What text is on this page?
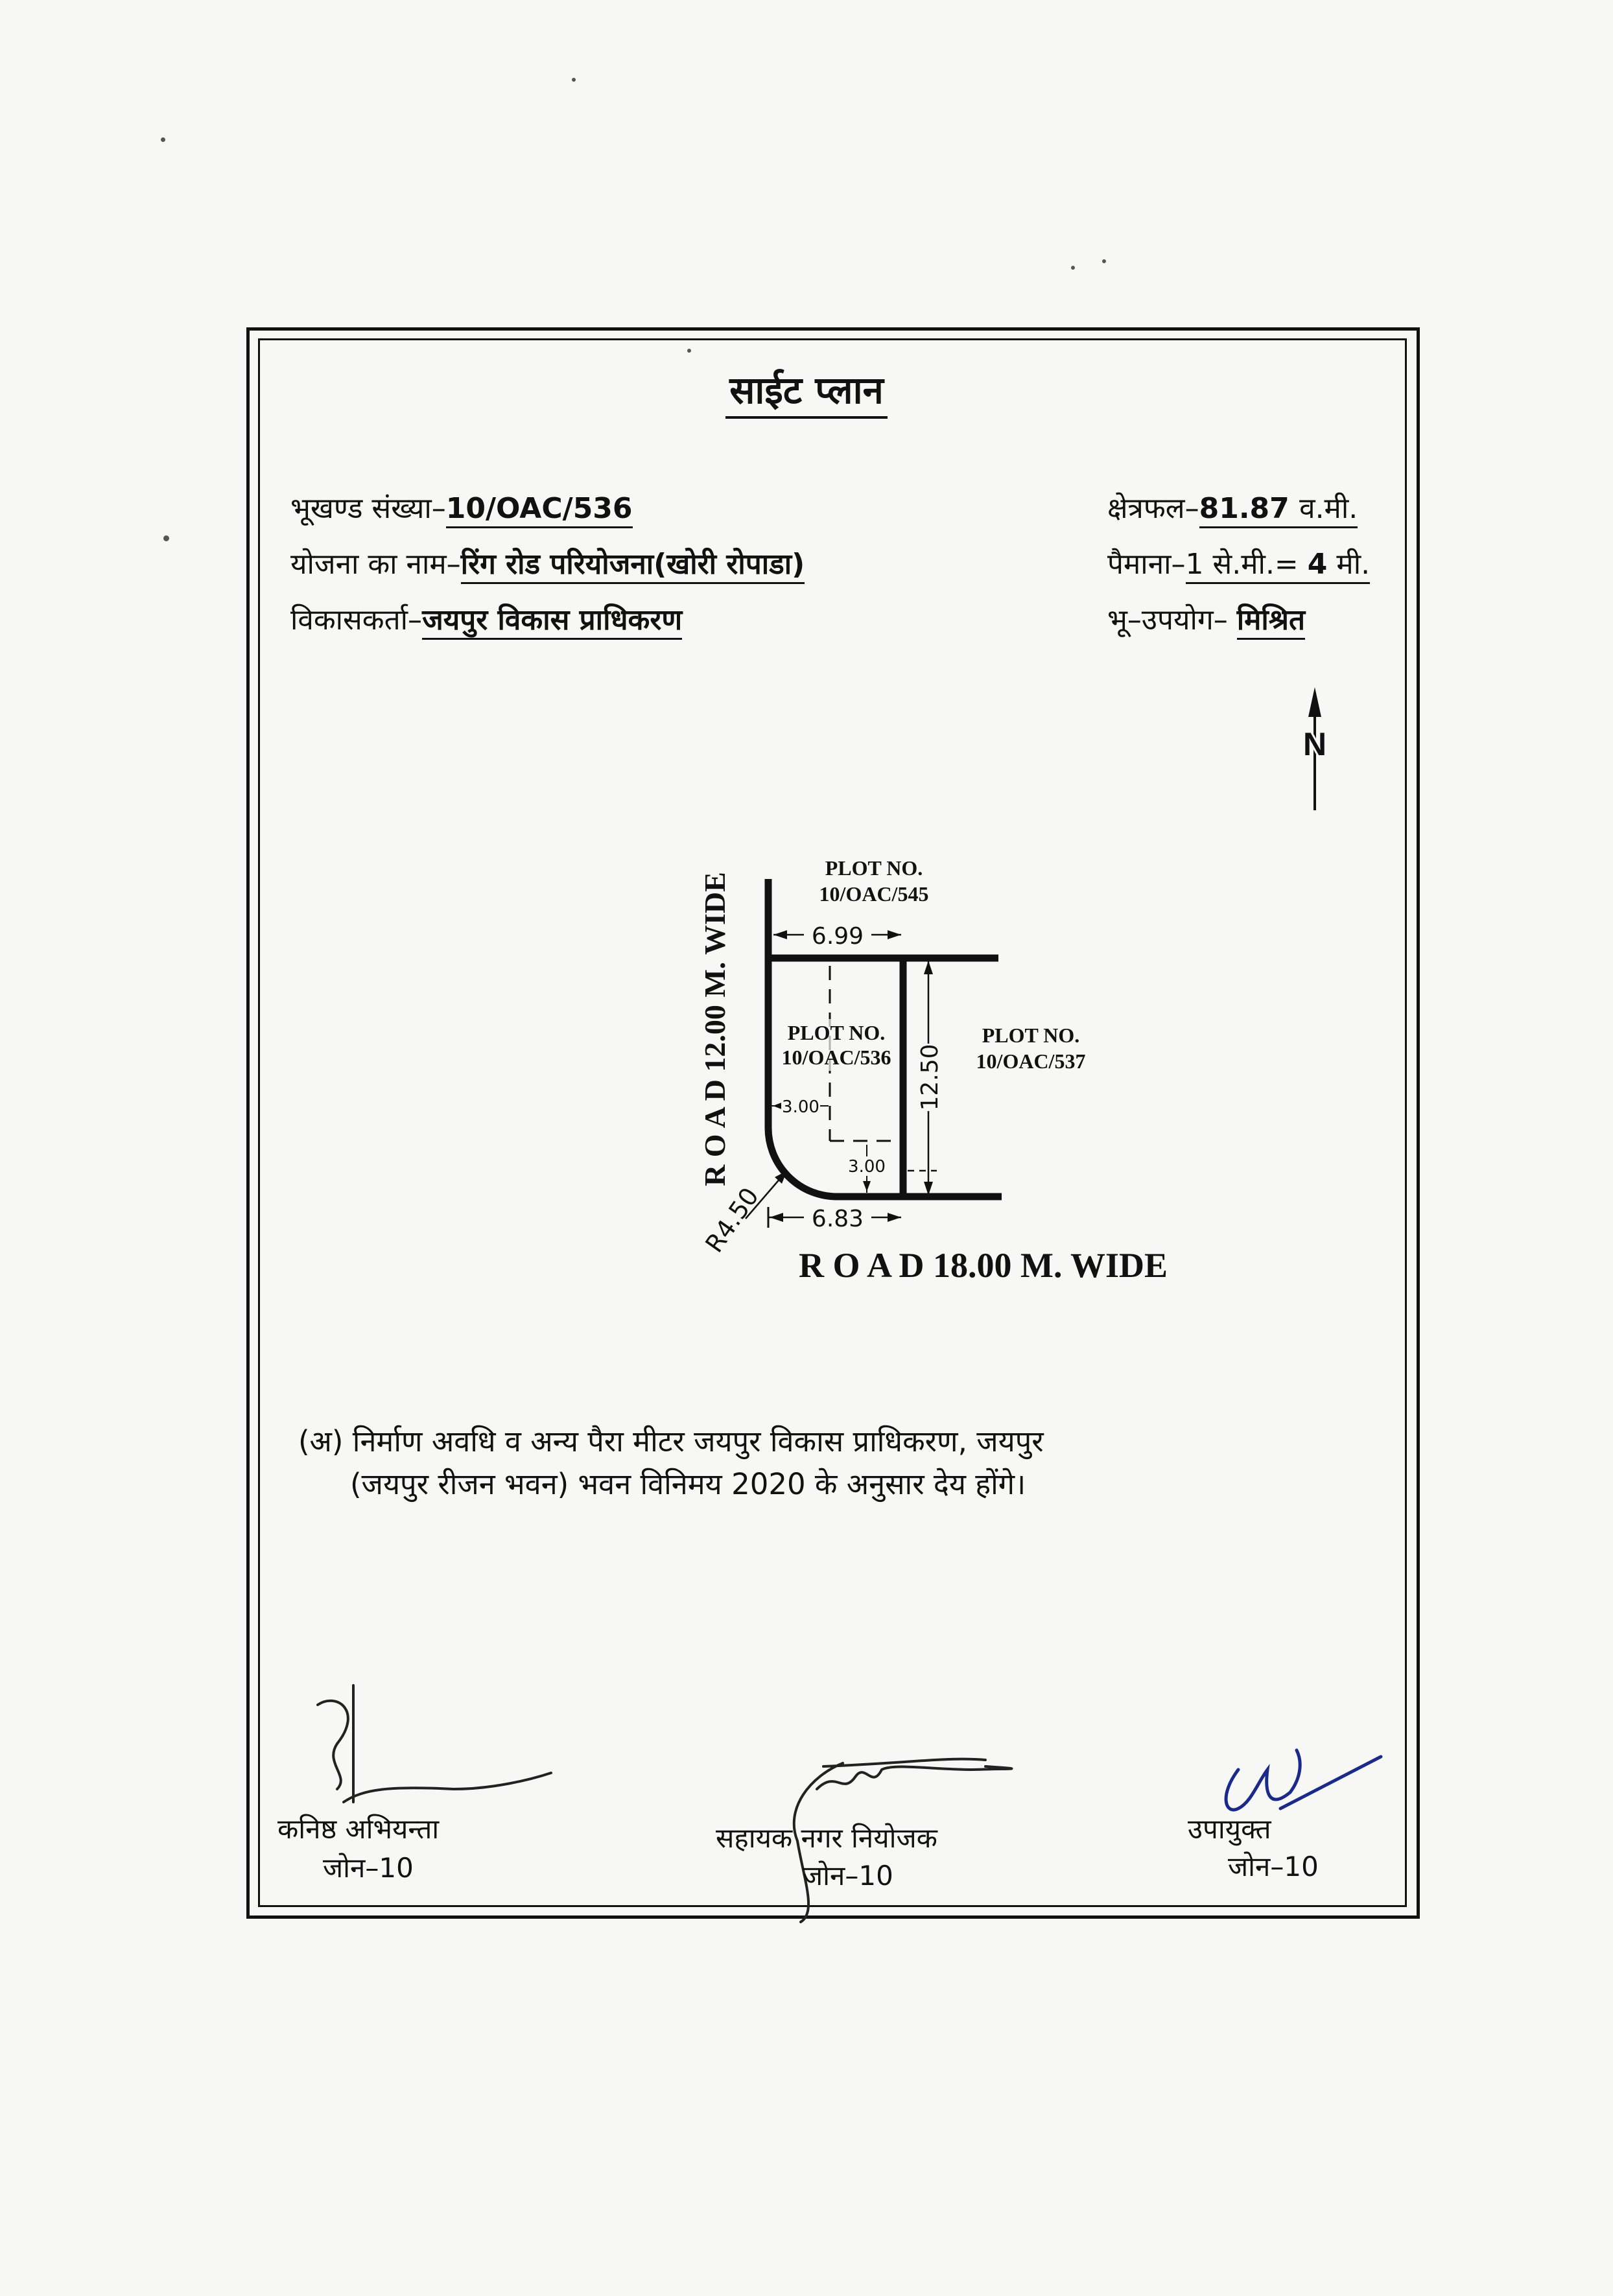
साईट प्लान
भूखण्ड संख्या–10/OAC/536
योजना का नाम–रिंग रोड परियोजना(खोरी रोपाडा)
विकासकर्ता–जयपुर विकास प्राधिकरण
क्षेत्रफल–81.87 व.मी.
पैमाना–1 से.मी.= 4 मी.
भू–उपयोग– मिश्रित
N
6.99
6.83
12.50
3.00
3.00
R4.50
PLOT NO.
10/OAC/545
PLOT NO.
10/OAC/536
PLOT NO.
10/OAC/537
R O A D 12.00 M. WIDE
R O A D 18.00 M. WIDE
(अ) निर्माण अवधि व अन्य पैरा मीटर जयपुर विकास प्राधिकरण, जयपुर
(जयपुर रीजन भवन) भवन विनिमय 2020 के अनुसार देय होंगे।
कनिष्ठ अभियन्ता
जोन–10
सहायक नगर नियोजक
जोन–10
उपायुक्त
जोन–10
